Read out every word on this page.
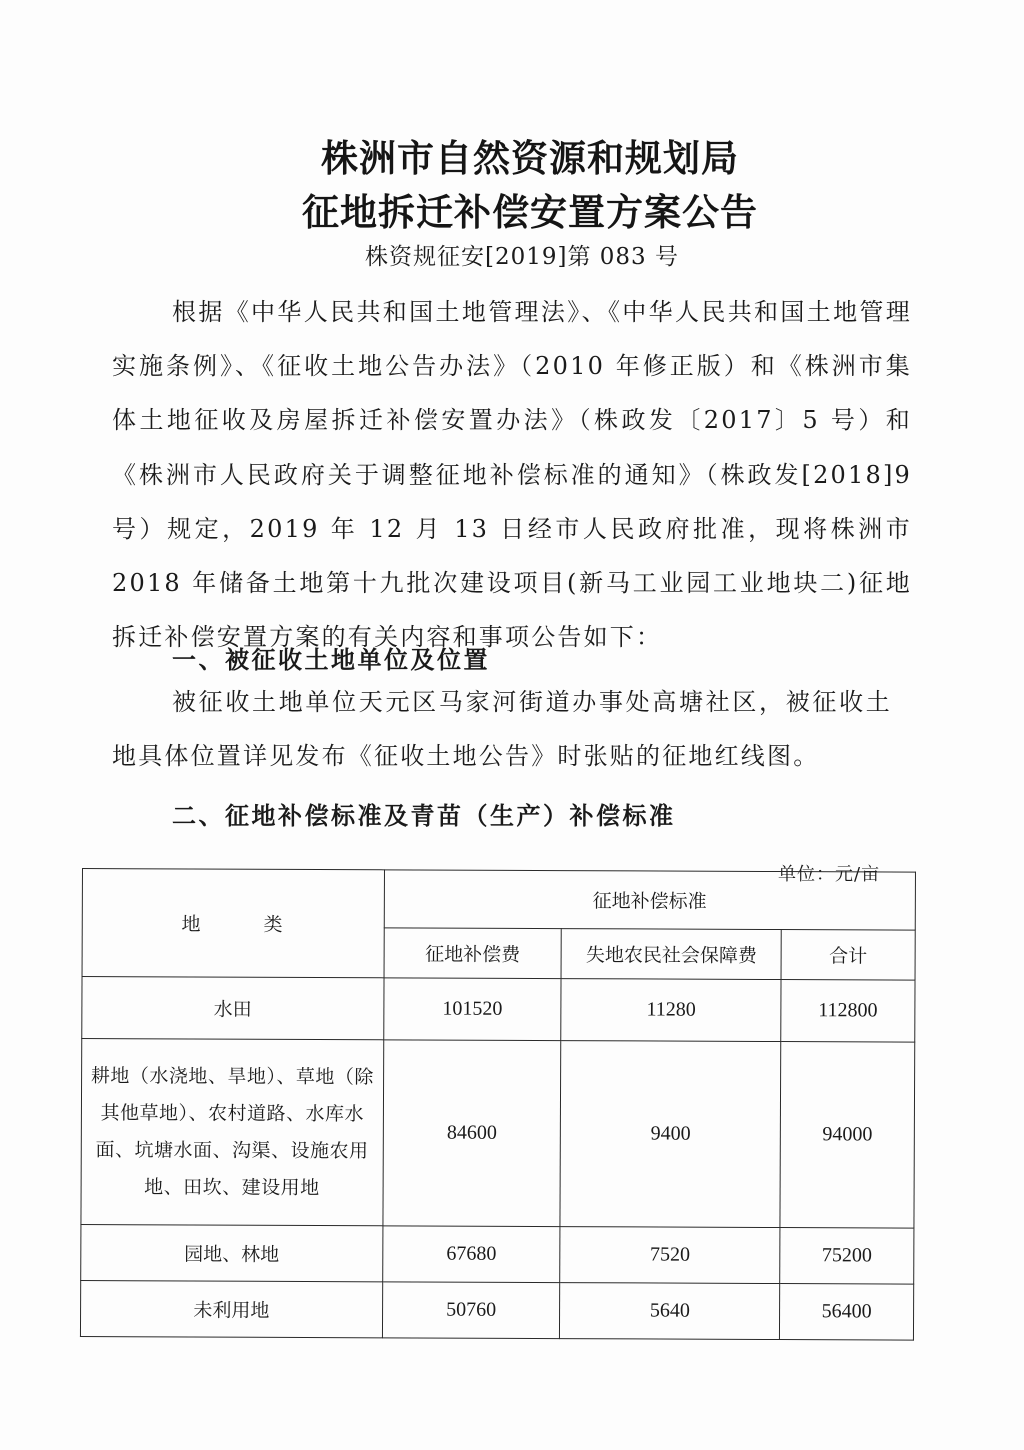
株洲市自然资源和规划局
征地拆迁补偿安置方案公告
株资规征安[2019]第 083 号

根据《中华人民共和国土地管理法》、《中华人民共和国土地管理实施条例》、《征收土地公告办法》（2010 年修正版）和《株洲市集体土地征收及房屋拆迁补偿安置办法》（株政发〔2017〕5 号）和《株洲市人民政府关于调整征地补偿标准的通知》（株政发[2018]9 号）规定，2019 年 12 月 13 日经市人民政府批准，现将株洲市 2018 年储备土地第十九批次建设项目(新马工业园工业地块二)征地拆迁补偿安置方案的有关内容和事项公告如下：

一、被征收土地单位及位置

被征收土地单位天元区马家河街道办事处高塘社区，被征收土地具体位置详见发布《征收土地公告》时张贴的征地红线图。

二、征地补偿标准及青苗（生产）补偿标准
单位：元/亩
地　类	征地补偿标准		
	征地补偿费	失地农民社会保障费	合计
水田	101520	11280	112800
耕地（水浇地、旱地）、草地（除其他草地）、农村道路、水库水面、坑塘水面、沟渠、设施农用地、田坎、建设用地	84600	9400	94000
园地、林地	67680	7520	75200
未利用地	50760	5640	56400
